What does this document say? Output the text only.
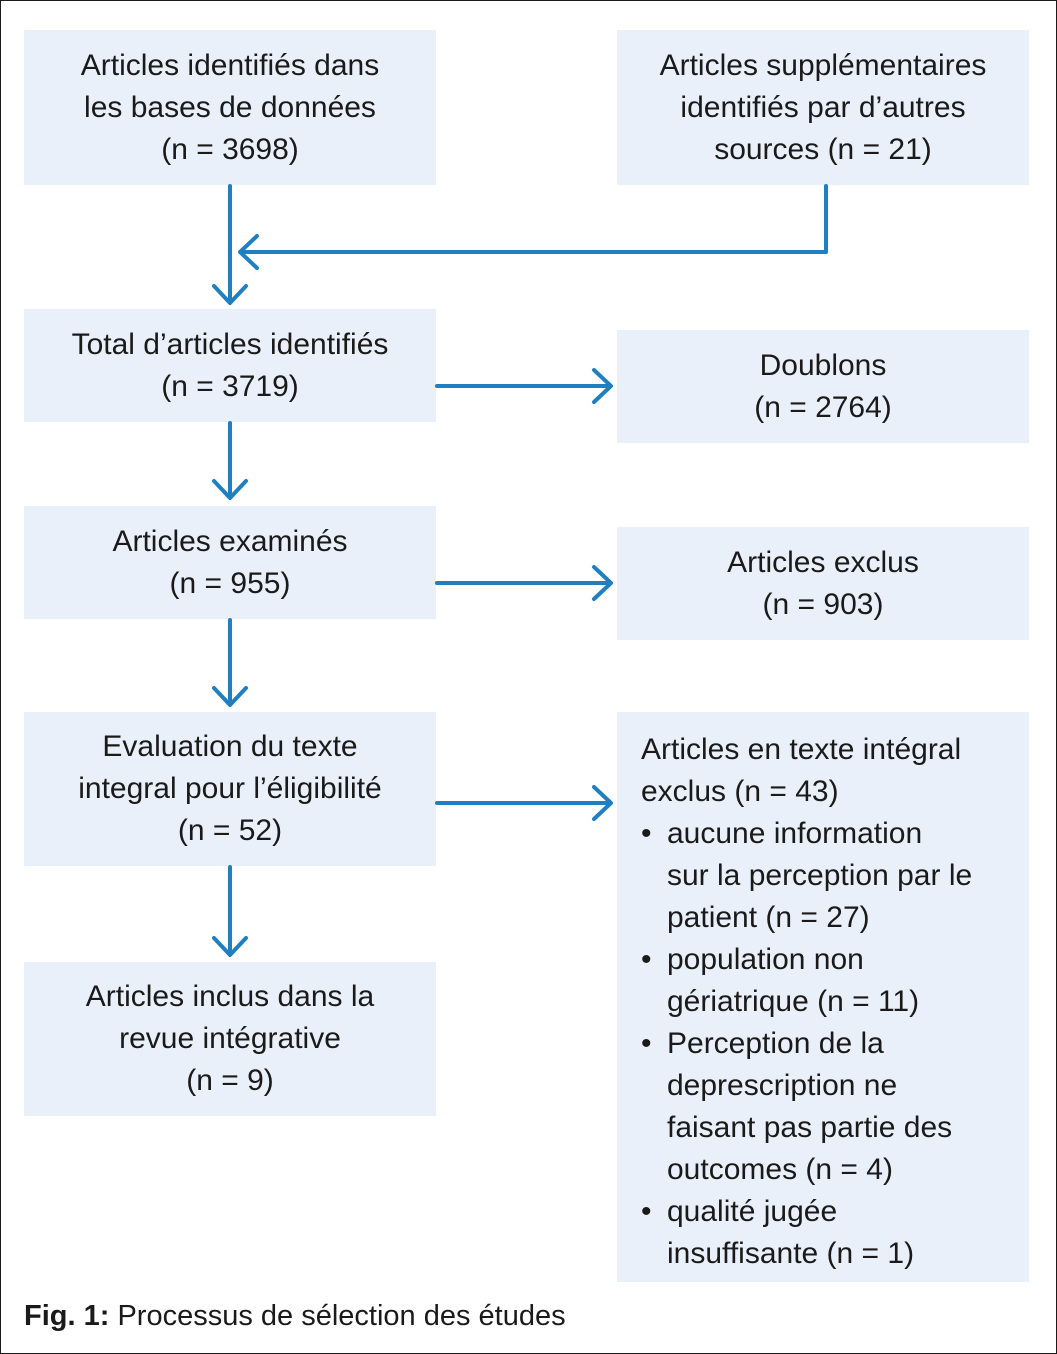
Articles identifiés dans
les bases de données
(n = 3698)
Articles supplémentaires
identifiés par d’autres
sources (n = 21)
Total d’articles identifiés
(n = 3719)
Doublons
(n = 2764)
Articles examinés
(n = 955)
Articles exclus
(n = 903)
Evaluation du texte
integral pour l’éligibilité
(n = 52)
Articles inclus dans la
revue intégrative
(n = 9)
Articles en texte intégral
exclus (n = 43)
• aucune information
sur la perception par le
patient (n = 27)
• population non
gériatrique (n = 11)
• Perception de la
deprescription ne
faisant pas partie des
outcomes (n = 4)
• qualité jugée
insuffisante (n = 1)
Fig. 1: Processus de sélection des études
